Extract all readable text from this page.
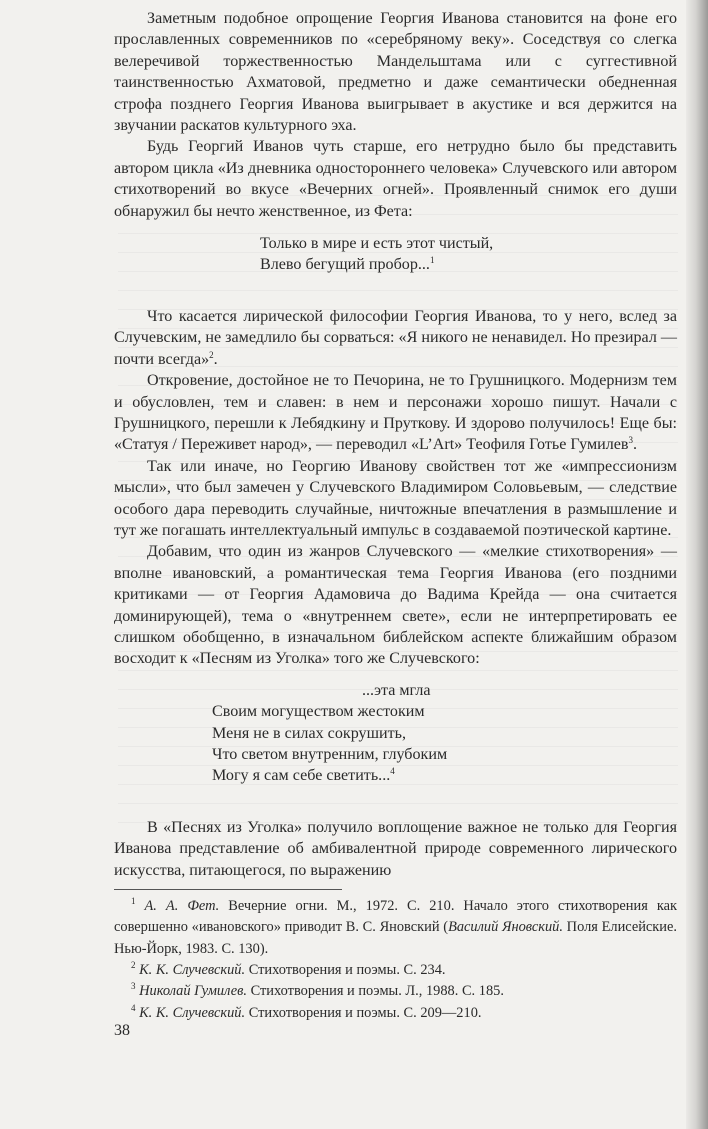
Заметным подобное опрощение Георгия Иванова становится на фоне его прославленных современников по «серебряному веку». Соседствуя со слегка велеречивой торжественностью Мандельштама или с суггестивной таинственностью Ахматовой, предметно и даже семантически обедненная строфа позднего Георгия Иванова выигрывает в акустике и вся держится на звучании раскатов культурного эха.

Будь Георгий Иванов чуть старше, его нетрудно было бы представить автором цикла «Из дневника одностороннего человека» Случевского или автором стихотворений во вкусе «Вечерних огней». Проявленный снимок его души обнаружил бы нечто женственное, из Фета:

Только в мире и есть этот чистый,
Влево бегущий пробор...$^1$

Что касается лирической философии Георгия Иванова, то у него, вслед за Случевским, не замедлило бы сорваться: «Я никого не ненавидел. Но презирал — почти всегда»$^2$.

Откровение, достойное не то Печорина, не то Грушницкого. Модернизм тем и обусловлен, тем и славен: в нем и персонажи хорошо пишут. Начали с Грушницкого, перешли к Лебядкину и Пруткову. И здорово получилось! Еще бы: «Статуя / Переживет народ», — переводил «L’Art» Теофиля Готье Гумилев$^3$.

Так или иначе, но Георгию Иванову свойствен тот же «импрессионизм мысли», что был замечен у Случевского Владимиром Соловьевым, — следствие особого дара переводить случайные, ничтожные впечатления в размышление и тут же погашать интеллектуальный импульс в создаваемой поэтической картине.

Добавим, что один из жанров Случевского — «мелкие стихотворения» — вполне ивановский, а романтическая тема Георгия Иванова (его поздними критиками — от Георгия Адамовича до Вадима Крейда — она считается доминирующей), тема о «внутреннем свете», если не интерпретировать ее слишком обобщенно, в изначальном библейском аспекте ближайшим образом восходит к «Песням из Уголка» того же Случевского:

...эта мгла
Своим могуществом жестоким
Меня не в силах сокрушить,
Что светом внутренним, глубоким
Могу я сам себе светить...$^4$

В «Песнях из Уголка» получило воплощение важное не только для Георгия Иванова представление об амбивалентной природе современного лирического искусства, питающегося, по выражению

$^1$ А. А. Фет. Вечерние огни. М., 1972. С. 210. Начало этого стихотворения как совершенно «ивановского» приводит В. С. Яновский (Василий Яновский. Поля Елисейские. Нью-Йорк, 1983. С. 130).

$^2$ К. К. Случевский. Стихотворения и поэмы. С. 234.

$^3$ Николай Гумилев. Стихотворения и поэмы. Л., 1988. С. 185.

$^4$ К. К. Случевский. Стихотворения и поэмы. С. 209—210.

38
